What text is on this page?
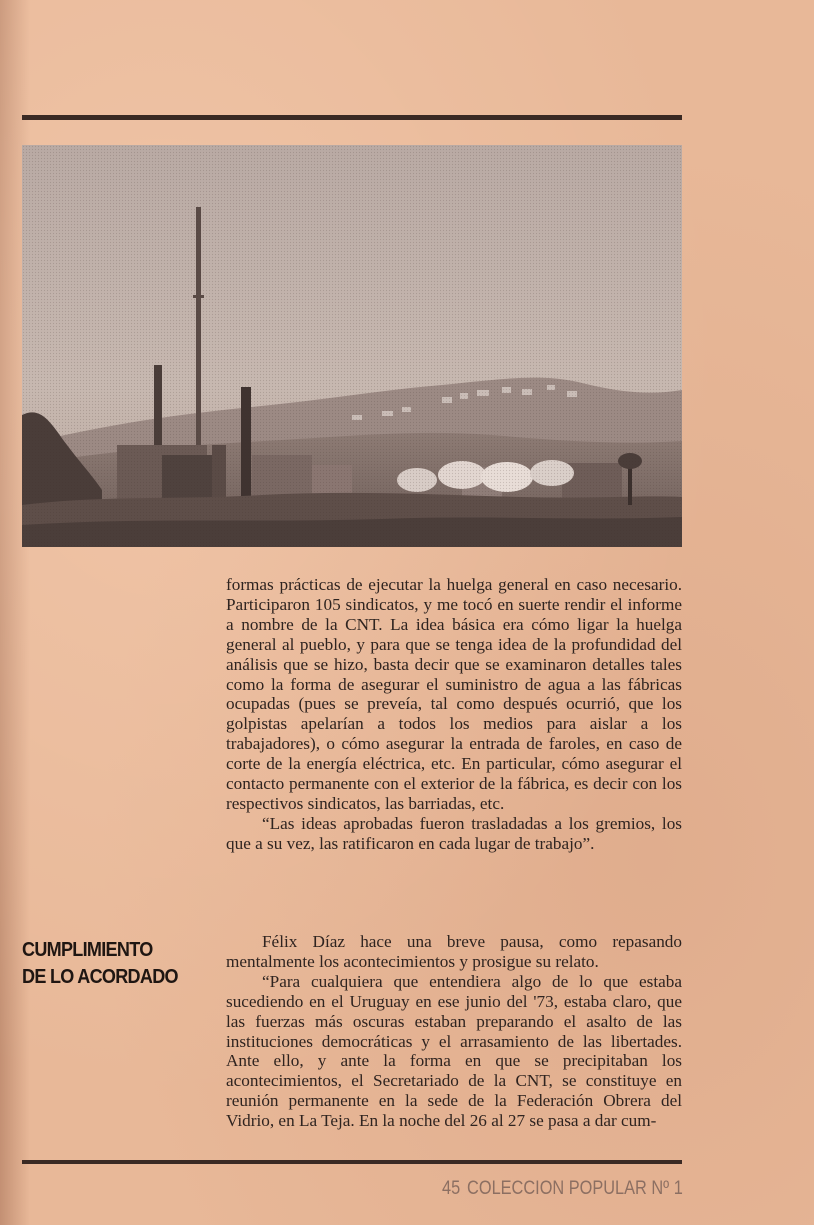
formas prácticas de ejecutar la huelga general en caso necesario. Participaron 105 sindicatos, y me tocó en suerte rendir el informe a nombre de la CNT. La idea básica era cómo ligar la huelga general al pueblo, y para que se tenga idea de la profundidad del análisis que se hizo, basta decir que se examinaron detalles tales como la forma de asegurar el suministro de agua a las fábricas ocupadas (pues se preveía, tal como después ocurrió, que los golpistas apelarían a todos los medios para aislar a los trabajadores), o cómo asegurar la entrada de faroles, en caso de corte de la energía eléctrica, etc. En particular, cómo asegurar el contacto permanente con el exterior de la fábrica, es decir con los respectivos sindicatos, las barriadas, etc.

“Las ideas aprobadas fueron trasladadas a los gremios, los que a su vez, las ratificaron en cada lugar de trabajo”.

CUMPLIMIENTO
DE LO ACORDADO

Félix Díaz hace una breve pausa, como repasando mentalmente los acontecimientos y prosigue su relato.

“Para cualquiera que entendiera algo de lo que estaba sucediendo en el Uruguay en ese junio del '73, estaba claro, que las fuerzas más oscuras estaban preparando el asalto de las instituciones democráticas y el arrasamiento de las libertades. Ante ello, y ante la forma en que se precipitaban los acontecimientos, el Secretariado de la CNT, se constituye en reunión permanente en la sede de la Federación Obrera del Vidrio, en La Teja. En la noche del 26 al 27 se pasa a dar cum-

45 COLECCION POPULAR Nº 1
